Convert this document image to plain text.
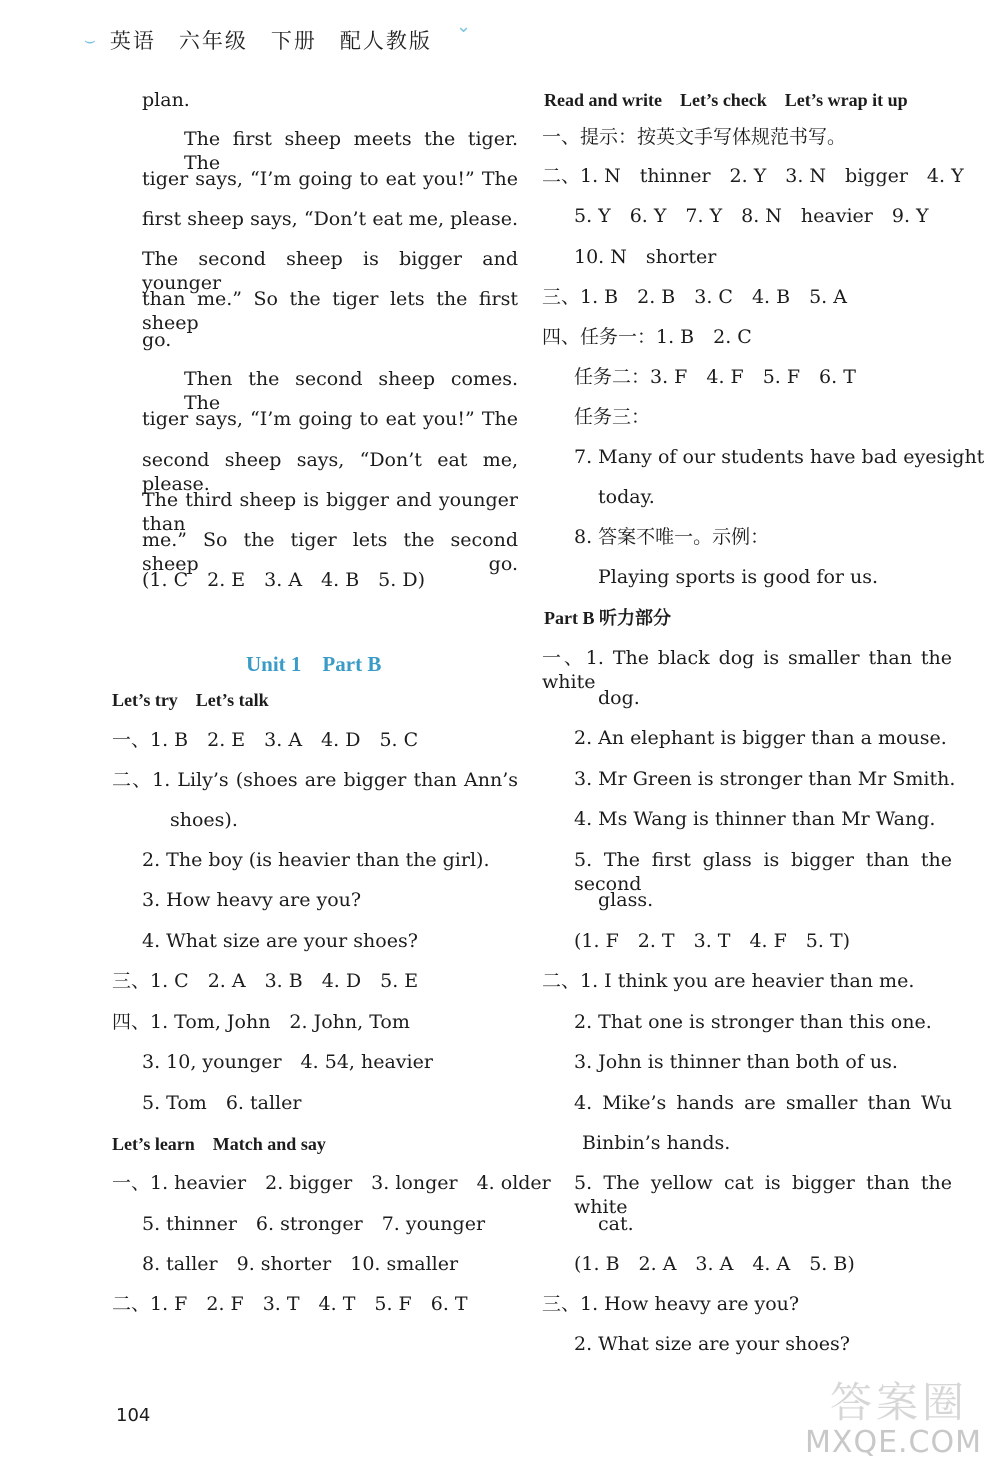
⌣ 英语　六年级　下册　配人教版
⌄
plan.
The first sheep meets the tiger. The
tiger says, “I’m going to eat you!” The
first sheep says, “Don’t eat me, please.
The second sheep is bigger and younger
than me.” So the tiger lets the first sheep
go.
Then the second sheep comes. The
tiger says, “I’m going to eat you!” The
second sheep says, “Don’t eat me, please.
The third sheep is bigger and younger than
me.” So the tiger lets the second sheep go.
(1. C　2. E　3. A　4. B　5. D)
Unit 1　Part B
Let’s try　Let’s talk
一、1. B　2. E　3. A　4. D　5. C
二、1. Lily’s (shoes are bigger than Ann’s
shoes).
2. The boy (is heavier than the girl).
3. How heavy are you?
4. What size are your shoes?
三、1. C　2. A　3. B　4. D　5. E
四、1. Tom, John　2. John, Tom
3. 10, younger　4. 54, heavier
5. Tom　6. taller
Let’s learn　Match and say
一、1. heavier　2. bigger　3. longer　4. older
5. thinner　6. stronger　7. younger
8. taller　9. shorter　10. smaller
二、1. F　2. F　3. T　4. T　5. F　6. T
Read and write　Let’s check　Let’s wrap it up
一、提示：按英文手写体规范书写。
二、1. N　thinner　2. Y　3. N　bigger　4. Y
5. Y　6. Y　7. Y　8. N　heavier　9. Y
10. N　shorter
三、1. B　2. B　3. C　4. B　5. A
四、任务一：1. B　2. C
任务二：3. F　4. F　5. F　6. T
任务三：
7. Many of our students have bad eyesight
today.
8. 答案不唯一。示例：
Playing sports is good for us.
Part B 听力部分
一、1. The black dog is smaller than the white
dog.
2. An elephant is bigger than a mouse.
3. Mr Green is stronger than Mr Smith.
4. Ms Wang is thinner than Mr Wang.
5. The first glass is bigger than the second
glass.
(1. F　2. T　3. T　4. F　5. T)
二、1. I think you are heavier than me.
2. That one is stronger than this one.
3. John is thinner than both of us.
4. Mike’s hands are smaller than Wu
Binbin’s hands.
5. The yellow cat is bigger than the white
cat.
(1. B　2. A　3. A　4. A　5. B)
三、1. How heavy are you?
2. What size are your shoes?
104	答案圈
MXQE.COM
